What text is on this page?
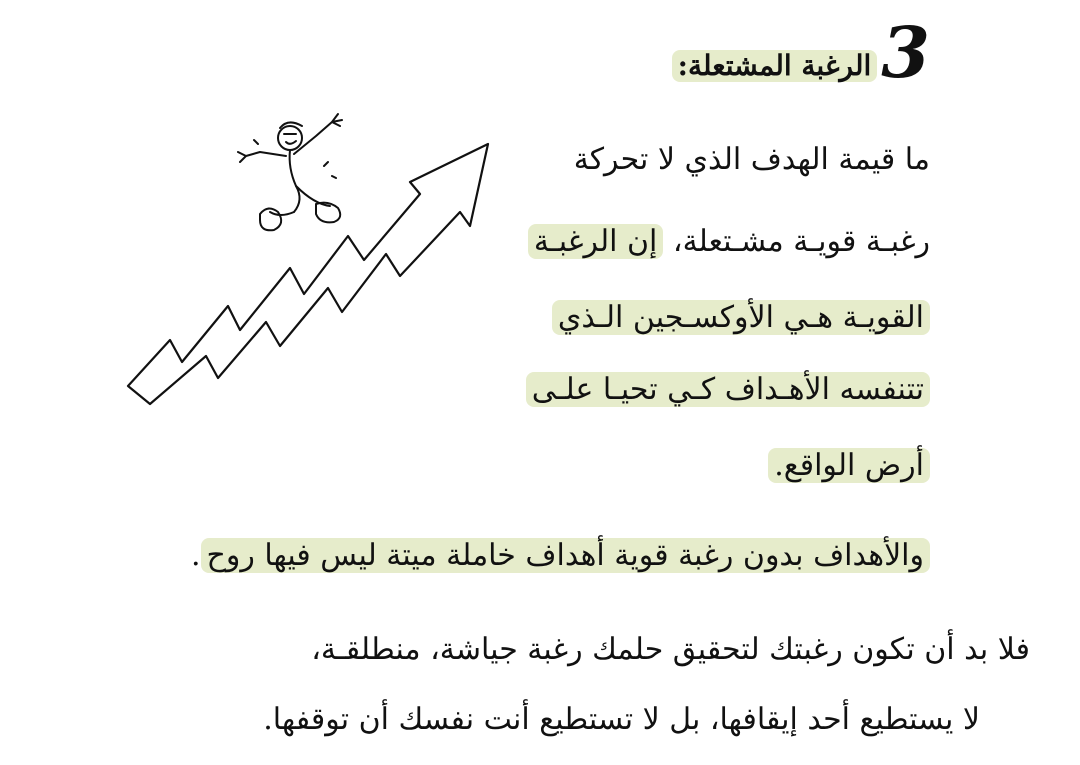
الرغبة المشتعلة: 3
ما قيمة الهدف الذي لا تحركة
رغبـة قويـة مشـتعلة، إن الرغبـة
القويـة هـي الأوكسـجين الـذي
تتنفسه الأهـداف كـي تحيـا علـى
أرض الواقع.
والأهداف بدون رغبة قوية أهداف خاملة ميتة ليس فيها روح.
فلا بد أن تكون رغبتك لتحقيق حلمك رغبة جياشة، منطلقـة،
لا يستطيع أحد إيقافها، بل لا تستطيع أنت نفسك أن توقفها.
